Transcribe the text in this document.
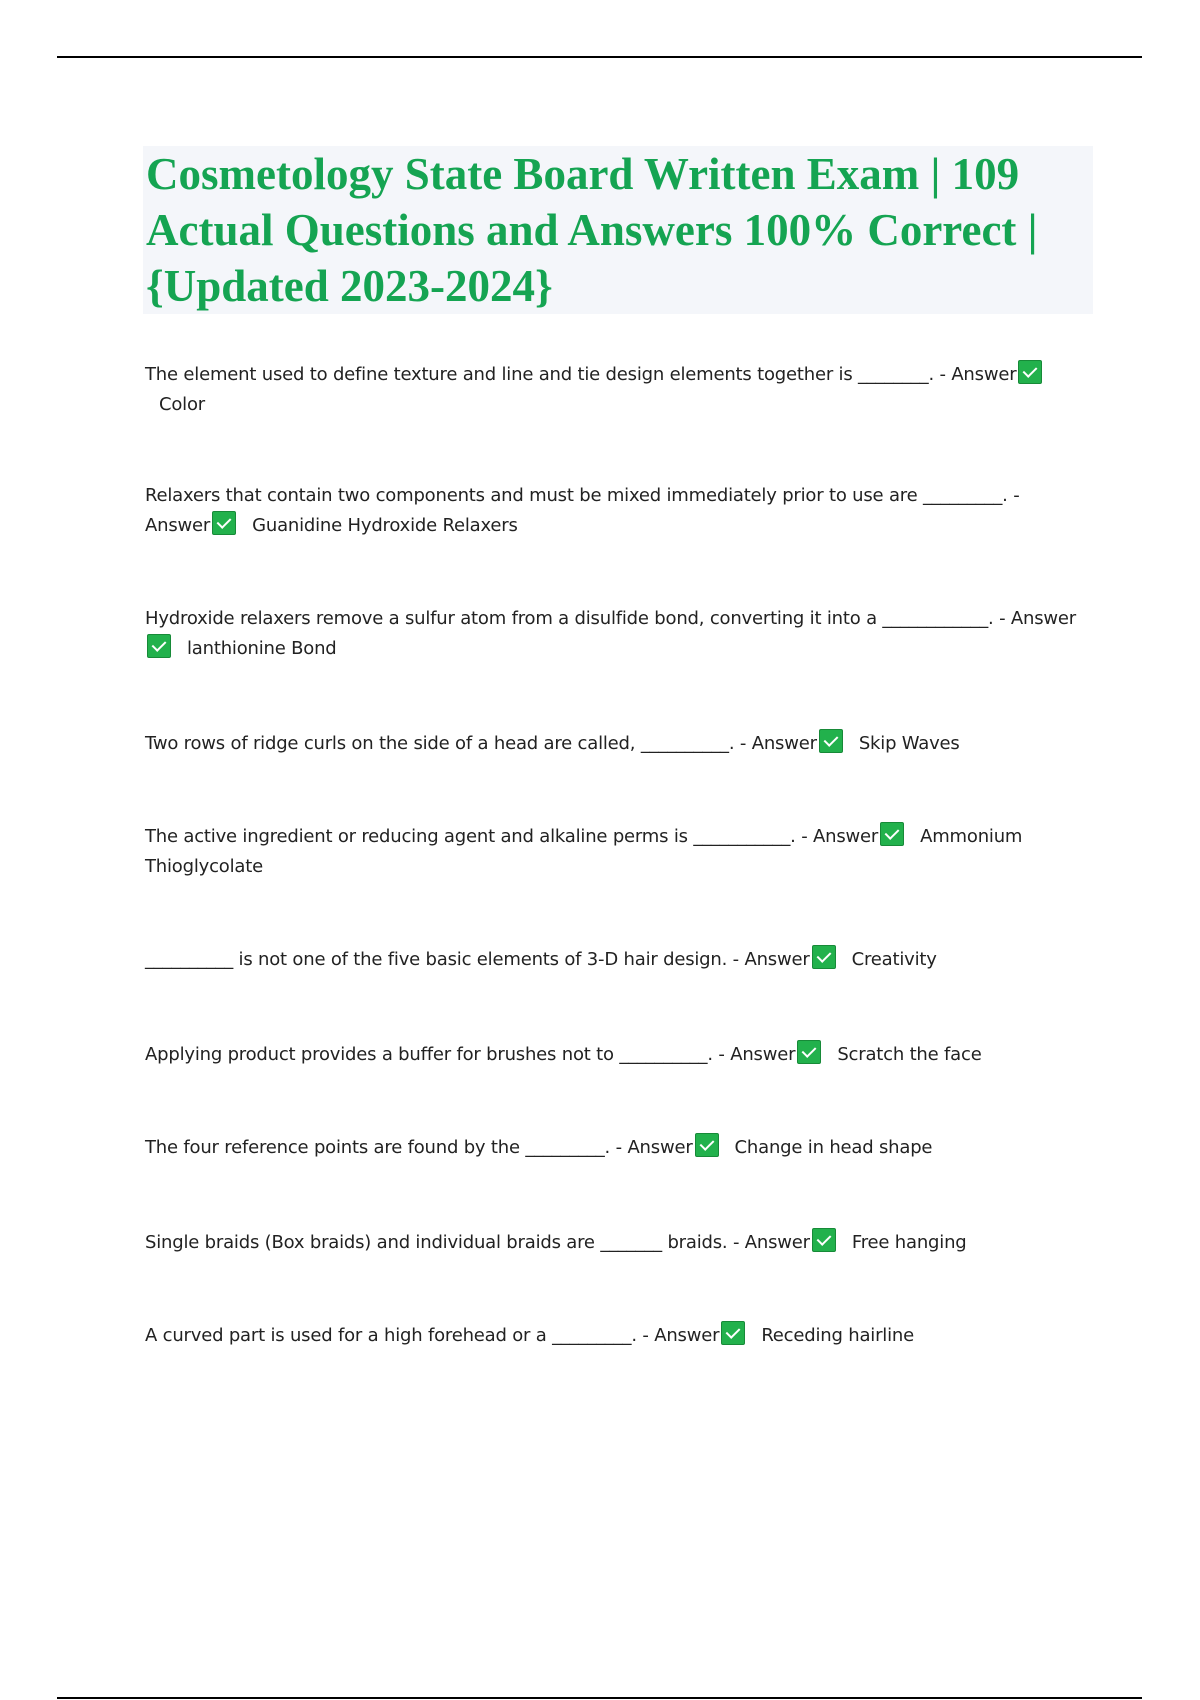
Cosmetology State Board Written Exam | 109 Actual Questions and Answers 100% Correct | {Updated 2023-2024}

The element used to define texture and line and tie design elements together is ________. - AnswerColor

Relaxers that contain two components and must be mixed immediately prior to use are _________. - Answer Guanidine Hydroxide Relaxers

Hydroxide relaxers remove a sulfur atom from a disulfide bond, converting it into a ____________. - Answerlanthionine Bond

Two rows of ridge curls on the side of a head are called, __________. - Answer Skip Waves

The active ingredient or reducing agent and alkaline perms is ___________. - Answer Ammonium Thioglycolate

__________ is not one of the five basic elements of 3-D hair design. - Answer Creativity

Applying product provides a buffer for brushes not to __________. - Answer Scratch the face

The four reference points are found by the _________. - Answer Change in head shape

Single braids (Box braids) and individual braids are _______ braids. - Answer Free hanging

A curved part is used for a high forehead or a _________. - Answer Receding hairline
